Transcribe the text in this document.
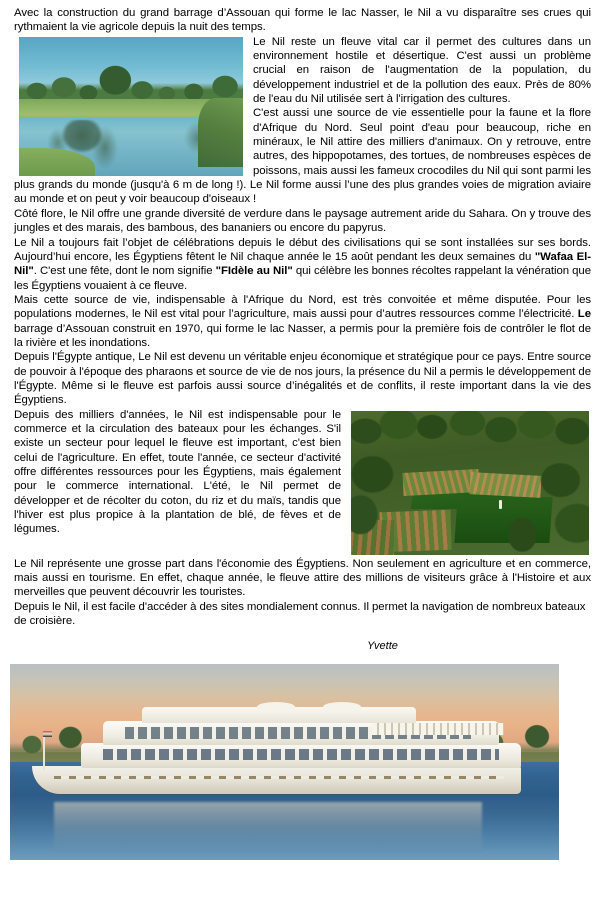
Avec la construction du grand barrage d’Assouan qui forme le lac Nasser, le Nil a vu disparaître ses crues qui rythmaient la vie agricole depuis la nuit des temps.

Le Nil reste un fleuve vital car il permet des cultures dans un environnement hostile et désertique. C'est aussi un problème crucial en raison de l'augmentation de la population, du développement industriel et de la pollution des eaux. Près de 80% de l'eau du Nil utilisée sert à l'irrigation des cultures.

C'est aussi une source de vie essentielle pour la faune et la flore d'Afrique du Nord. Seul point d'eau pour beaucoup, riche en minéraux, le Nil attire des milliers d'animaux. On y retrouve, entre autres, des hippopotames, des tortues, de nombreuses espèces de poissons, mais aussi les fameux crocodiles du Nil qui sont parmi les plus grands du monde (jusqu'à 6 m de long !). Le Nil forme aussi l’une des plus grandes voies de migration aviaire au monde et on peut y voir beaucoup d'oiseaux !

Côté flore, le Nil offre une grande diversité de verdure dans le paysage autrement aride du Sahara. On y trouve des jungles et des marais, des bambous, des bananiers ou encore du papyrus.

Le Nil a toujours fait l’objet de célébrations depuis le début des civilisations qui se sont installées sur ses bords. Aujourd’hui encore, les Égyptiens fêtent le Nil chaque année le 15 août pendant les deux semaines du "Wafaa El-Nil". C'est une fête, dont le nom signifie "FIdèle au Nil" qui célèbre les bonnes récoltes rappelant la vénération que les Égyptiens vouaient à ce fleuve.

Mais cette source de vie, indispensable à l'Afrique du Nord, est très convoitée et même disputée. Pour les populations modernes, le Nil est vital pour l’agriculture, mais aussi pour d’autres ressources comme l’électricité. Le barrage d’Assouan construit en 1970, qui forme le lac Nasser, a permis pour la première fois de contrôler le flot de la rivière et les inondations.

Depuis l'Égypte antique, Le Nil est devenu un véritable enjeu économique et stratégique pour ce pays. Entre source de pouvoir à l'époque des pharaons et source de vie de nos jours, la présence du Nil a permis le développement de l'Égypte. Même si le fleuve est parfois aussi source d’inégalités et de conflits, il reste important dans la vie des Égyptiens.

Depuis des milliers d'années, le Nil est indispensable pour le commerce et la circulation des bateaux pour les échanges. S'il existe un secteur pour lequel le fleuve est important, c'est bien celui de l'agriculture. En effet, toute l'année, ce secteur d'activité offre différentes ressources pour les Égyptiens, mais également pour le commerce international. L'été, le Nil permet de développer et de récolter du coton, du riz et du maïs, tandis que l'hiver est plus propice à la plantation de blé, de fèves et de légumes.

Le Nil représente une grosse part dans l'économie des Égyptiens. Non seulement en agriculture et en commerce, mais aussi en tourisme. En effet, chaque année, le fleuve attire des millions de visiteurs grâce à l'Histoire et aux merveilles que peuvent découvrir les touristes.

Depuis le Nil, il est facile d'accéder à des sites mondialement connus. Il permet la navigation de nombreux bateaux de croisière.

Yvette
